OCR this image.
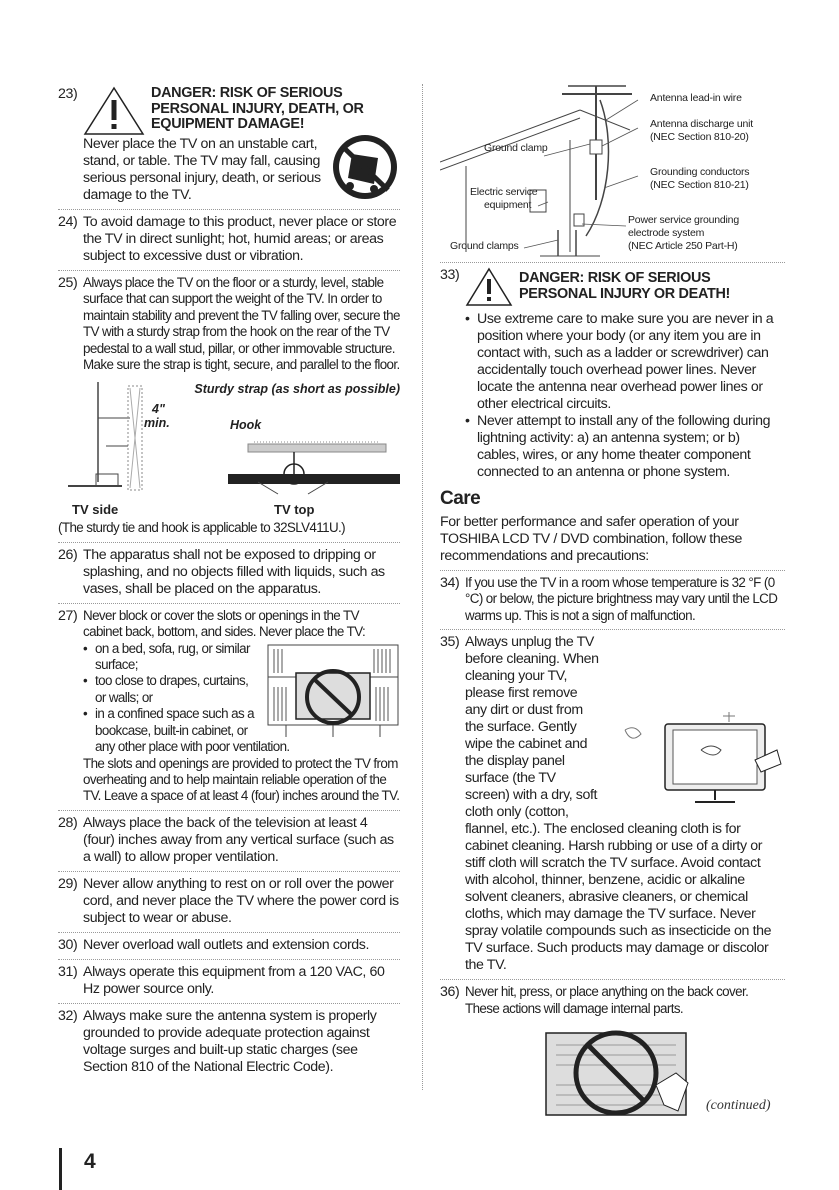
23)	DANGER: RISK OF SERIOUS PERSONAL INJURY, DEATH, OR EQUIPMENT DAMAGE!
Never place the TV on an unstable cart, stand, or table. The TV may fall, causing serious personal injury, death, or serious damage to the TV.
24) To avoid damage to this product, never place or store the TV in direct sunlight; hot, humid areas; or areas subject to excessive dust or vibration.
25) Always place the TV on the floor or a sturdy, level, stable surface that can support the weight of the TV. In order to maintain stability and prevent the TV falling over, secure the TV with a sturdy strap from the hook on the rear of the TV pedestal to a wall stud, pillar, or other immovable structure. Make sure the strap is tight, secure, and parallel to the floor.
Sturdy strap (as short as possible)
4"
min.	Hook
TV side	TV top
(The sturdy tie and hook is applicable to 32SLV411U.)
26) The apparatus shall not be exposed to dripping or splashing, and no objects filled with liquids, such as vases, shall be placed on the apparatus.
27) Never block or cover the slots or openings in the TV cabinet back, bottom, and sides. Never place the TV:
• on a bed, sofa, rug, or similar surface;
• too close to drapes, curtains, or walls; or
• in a confined space such as a bookcase, built-in cabinet, or any other place with poor ventilation.
The slots and openings are provided to protect the TV from overheating and to help maintain reliable operation of the TV. Leave a space of at least 4 (four) inches around the TV.
28) Always place the back of the television at least 4 (four) inches away from any vertical surface (such as a wall) to allow proper ventilation.
29) Never allow anything to rest on or roll over the power cord, and never place the TV where the power cord is subject to wear or abuse.
30) Never overload wall outlets and extension cords.
31) Always operate this equipment from a 120 VAC, 60 Hz power source only.
32) Always make sure the antenna system is properly grounded to provide adequate protection against voltage surges and built-up static charges (see Section 810 of the National Electric Code).
Antenna lead-in wire
Antenna discharge unit
(NEC Section 810-20)
Ground clamp
Grounding conductors
(NEC Section 810-21)
Electric service
equipment
Power service grounding
electrode system
(NEC Article 250 Part-H)
Ground clamps
33)	DANGER: RISK OF SERIOUS PERSONAL INJURY OR DEATH!
• Use extreme care to make sure you are never in a position where your body (or any item you are in contact with, such as a ladder or screwdriver) can accidentally touch overhead power lines. Never locate the antenna near overhead power lines or other electrical circuits.
• Never attempt to install any of the following during lightning activity: a) an antenna system; or b) cables, wires, or any home theater component connected to an antenna or phone system.
Care
For better performance and safer operation of your TOSHIBA LCD TV / DVD combination, follow these recommendations and precautions:
34) If you use the TV in a room whose temperature is 32 °F (0 °C) or below, the picture brightness may vary until the LCD warms up. This is not a sign of malfunction.
35) Always unplug the TV before cleaning. When cleaning your TV, please first remove any dirt or dust from the surface. Gently wipe the cabinet and the display panel surface (the TV screen) with a dry, soft cloth only (cotton, flannel, etc.). The enclosed cleaning cloth is for cabinet cleaning. Harsh rubbing or use of a dirty or stiff cloth will scratch the TV surface. Avoid contact with alcohol, thinner, benzene, acidic or alkaline solvent cleaners, abrasive cleaners, or chemical cloths, which may damage the TV surface. Never spray volatile compounds such as insecticide on the TV surface. Such products may damage or discolor the TV.
36) Never hit, press, or place anything on the back cover. These actions will damage internal parts.
(continued)
4
